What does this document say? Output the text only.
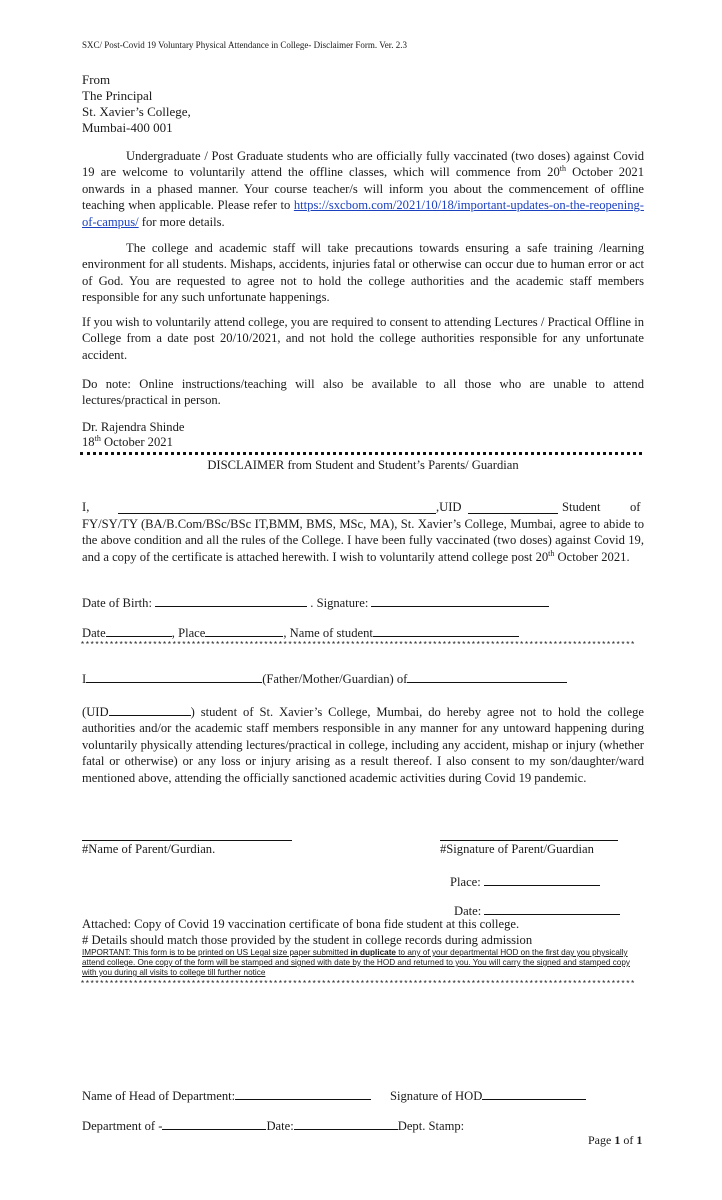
SXC/ Post-Covid 19 Voluntary Physical Attendance in College- Disclaimer Form. Ver. 2.3
From
The Principal
St. Xavier’s College,
Mumbai-400 001
Undergraduate / Post Graduate students who are officially fully vaccinated (two doses) against Covid 19 are welcome to voluntarily attend the offline classes, which will commence from 20th October 2021 onwards in a phased manner. Your course teacher/s will inform you about the commencement of offline teaching when applicable. Please refer to https://sxcbom.com/2021/10/18/important-updates-on-the-reopening-of-campus/ for more details.
The college and academic staff will take precautions towards ensuring a safe training /learning environment for all students. Mishaps, accidents, injuries fatal or otherwise can occur due to human error or act of God. You are requested to agree not to hold the college authorities and the academic staff members responsible for any such unfortunate happenings.
If you wish to voluntarily attend college, you are required to consent to attending Lectures / Practical Offline in College from a date post 20/10/2021, and not hold the college authorities responsible for any unfortunate accident.
Do note: Online instructions/teaching will also be available to all those who are unable to attend lectures/practical in person.
Dr. Rajendra Shinde
18th October 2021
DISCLAIMER from Student and Student’s Parents/ Guardian
I,	,UID	Student of
FY/SY/TY (BA/B.Com/BSc/BSc IT,BMM, BMS, MSc, MA), St. Xavier’s College, Mumbai, agree to abide to the above condition and all the rules of the College. I have been fully vaccinated (two doses) against Covid 19, and a copy of the certificate is attached herewith. I wish to voluntarily attend college post 20th October 2021.
Date of Birth:	. Signature:
Date	, Place	, Name of student
*******************************************************************************************************************
I	(Father/Mother/Guardian) of
(UID	) student of St. Xavier’s College, Mumbai, do hereby agree not to hold the college authorities and/or the academic staff members responsible in any manner for any untoward happening during voluntarily physically attending lectures/practical in college, including any accident, mishap or injury (whether fatal or otherwise) or any loss or injury arising as a result thereof. I also consent to my son/daughter/ward mentioned above, attending the officially sanctioned academic activities during Covid 19 pandemic.
#Name of Parent/Gurdian.	#Signature of Parent/Guardian
Place:
Date:
Attached: Copy of Covid 19 vaccination certificate of bona fide student at this college.
# Details should match those provided by the student in college records during admission
IMPORTANT: This form is to be printed on US Legal size paper submitted in duplicate to any of your departmental HOD on the first day you physically attend college. One copy of the form will be stamped and signed with date by the HOD and returned to you. You will carry the signed and stamped copy with you during all visits to college till further notice
*******************************************************************************************************************
Name of Head of Department:	Signature of HOD
Department of -	Date:	Dept. Stamp:
Page 1 of 1
